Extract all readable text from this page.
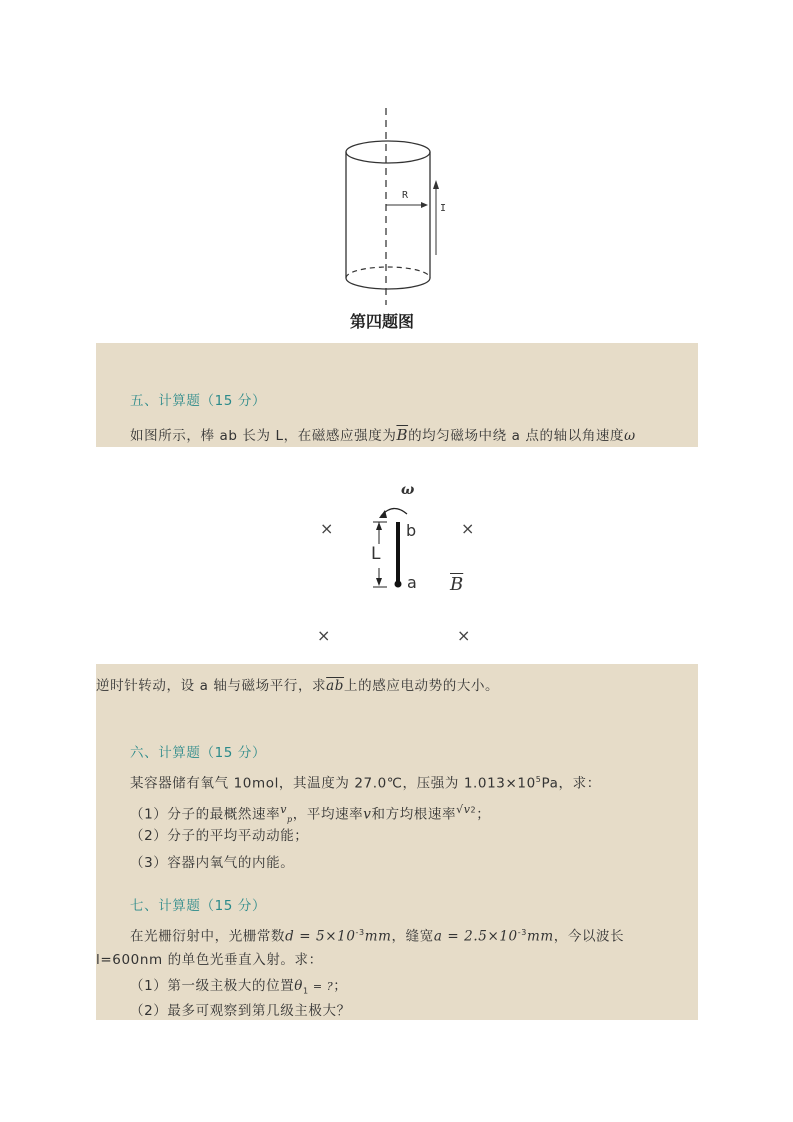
R
I
第四题图
五、计算题（15 分）
如图所示，棒 ab 长为 L，在磁感应强度为$\overline{B}$的均匀磁场中绕 a 点的轴以角速度ω
ω
b
L
a $\overline{B}$
×	×
×	×
逆时针转动，设 a 轴与磁场平行，求$\overline{ab}$上的感应电动势的大小。
六、计算题（15 分）
某容器储有氧气 10mol，其温度为 27.0℃，压强为 $1.013\times 10^5Pa$，求：
（1）分子的最概然速率$^v_p$，平均速率v和方均根速率$^{√v2}$；
（2）分子的平均平动动能；
（3）容器内氧气的内能。
七、计算题（15 分）
在光栅衍射中，光栅常数$d = 5\times 10^{-3}mm$，缝宽$a = 2.5\times 10^{-3}mm$，今以波长
l=600nm 的单色光垂直入射。求：
（1）第一级主极大的位置$\theta_1$ = ?；
（2）最多可观察到第几级主极大？
